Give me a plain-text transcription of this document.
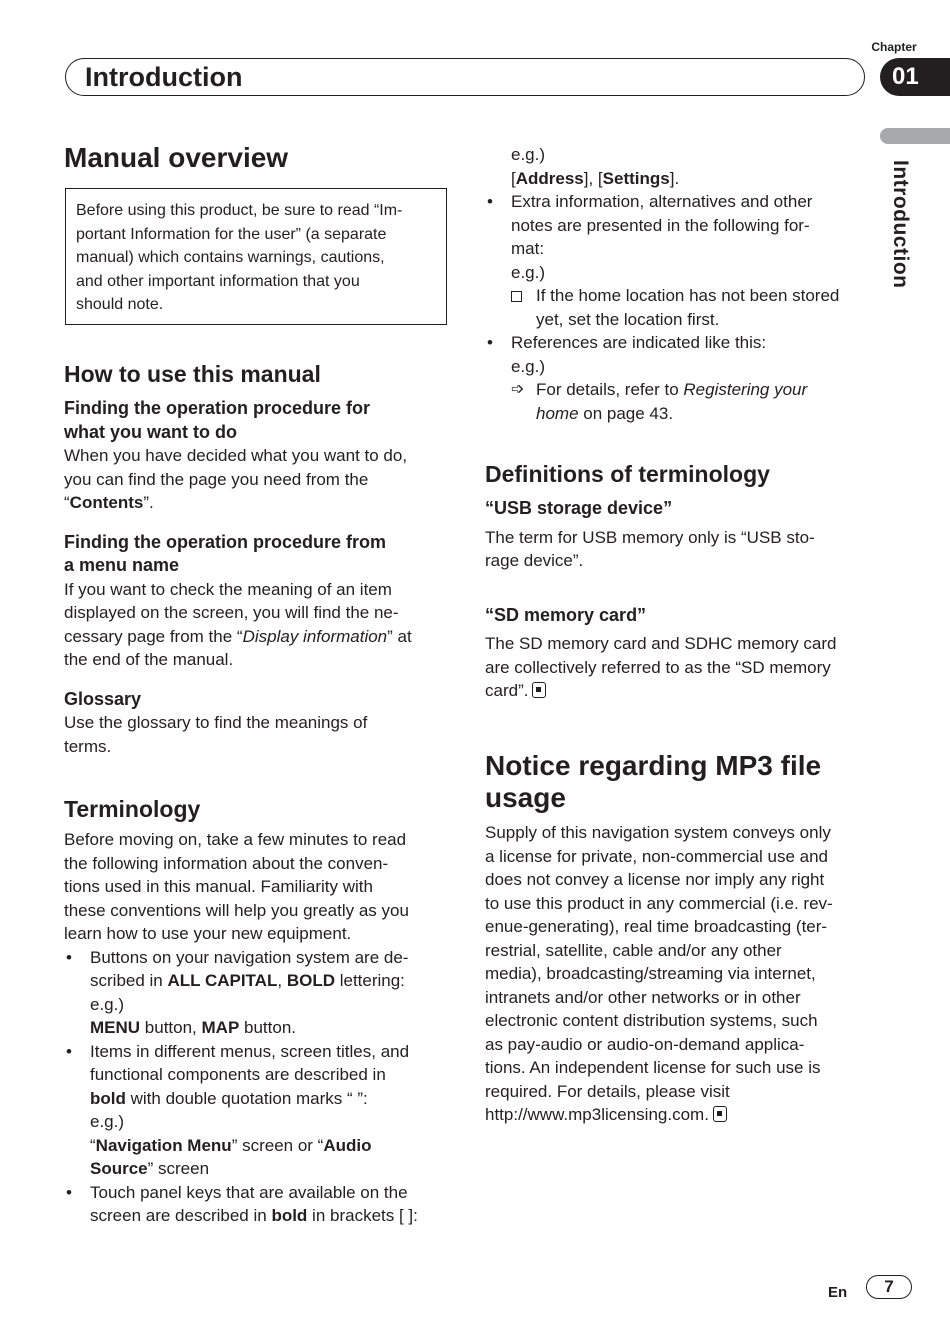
Introduction
Chapter
01
Introduction
Manual overview
Before using this product, be sure to read “Im-
portant Information for the user” (a separate
manual) which contains warnings, cautions,
and other important information that you
should note.
How to use this manual
Finding the operation procedure for
what you want to do
When you have decided what you want to do,
you can find the page you need from the
“Contents”.
Finding the operation procedure from
a menu name
If you want to check the meaning of an item
displayed on the screen, you will find the ne-
cessary page from the “Display information” at
the end of the manual.
Glossary
Use the glossary to find the meanings of
terms.
Terminology
Before moving on, take a few minutes to read
the following information about the conven-
tions used in this manual. Familiarity with
these conventions will help you greatly as you
learn how to use your new equipment.
• Buttons on your navigation system are de-
scribed in ALL CAPITAL, BOLD lettering:
e.g.)
MENU button, MAP button.
• Items in different menus, screen titles, and
functional components are described in
bold with double quotation marks “ ”:
e.g.)
“Navigation Menu” screen or “Audio
Source” screen
• Touch panel keys that are available on the
screen are described in bold in brackets [ ]:
e.g.)
[Address], [Settings].
• Extra information, alternatives and other
notes are presented in the following for-
mat:
e.g.)
If the home location has not been stored
yet, set the location first.
• References are indicated like this:
e.g.)
➩ For details, refer to Registering your
home on page 43.
Definitions of terminology
“USB storage device”
The term for USB memory only is “USB sto-
rage device”.
“SD memory card”
The SD memory card and SDHC memory card
are collectively referred to as the “SD memory
card”.
Notice regarding MP3 file
usage
Supply of this navigation system conveys only
a license for private, non-commercial use and
does not convey a license nor imply any right
to use this product in any commercial (i.e. rev-
enue-generating), real time broadcasting (ter-
restrial, satellite, cable and/or any other
media), broadcasting/streaming via internet,
intranets and/or other networks or in other
electronic content distribution systems, such
as pay-audio or audio-on-demand applica-
tions. An independent license for such use is
required. For details, please visit
http://www.mp3licensing.com.
En	7
